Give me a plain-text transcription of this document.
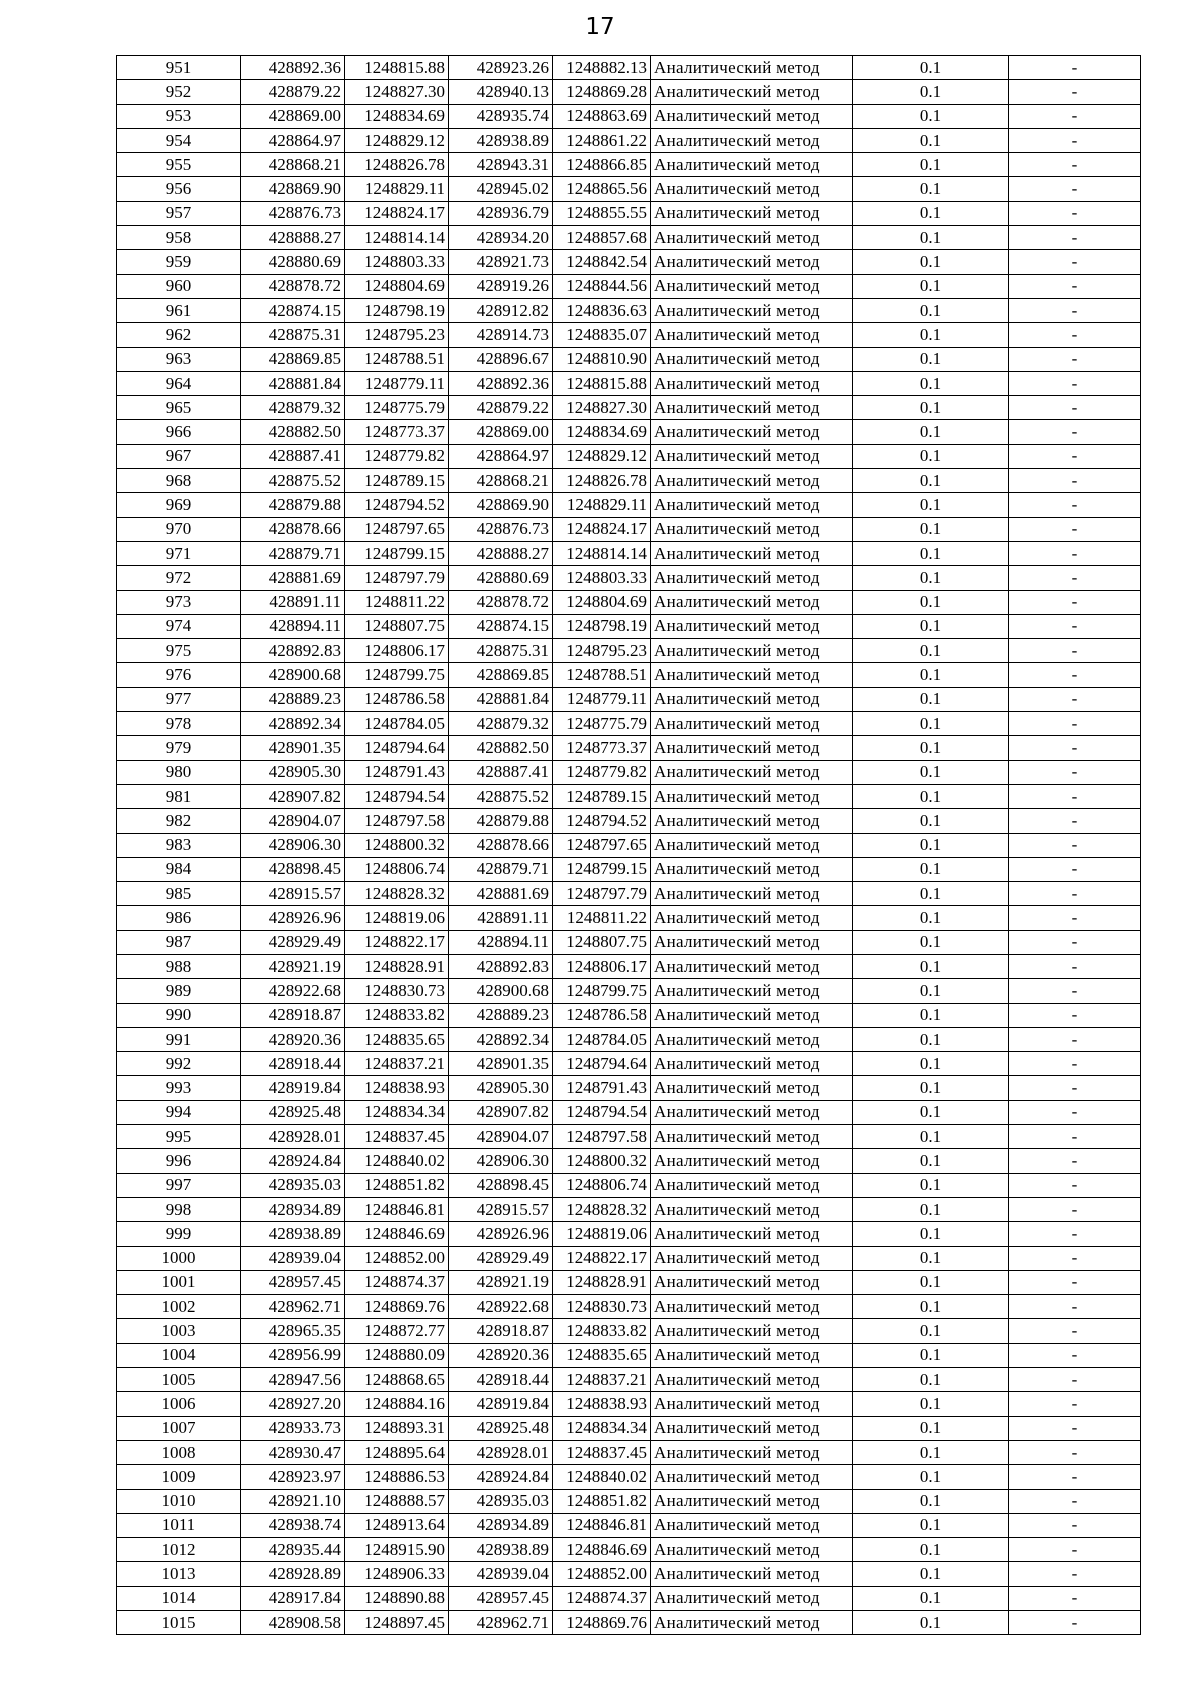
17
951	428892.36	1248815.88	428923.26	1248882.13	Аналитический метод	0.1	-
952	428879.22	1248827.30	428940.13	1248869.28	Аналитический метод	0.1	-
953	428869.00	1248834.69	428935.74	1248863.69	Аналитический метод	0.1	-
954	428864.97	1248829.12	428938.89	1248861.22	Аналитический метод	0.1	-
955	428868.21	1248826.78	428943.31	1248866.85	Аналитический метод	0.1	-
956	428869.90	1248829.11	428945.02	1248865.56	Аналитический метод	0.1	-
957	428876.73	1248824.17	428936.79	1248855.55	Аналитический метод	0.1	-
958	428888.27	1248814.14	428934.20	1248857.68	Аналитический метод	0.1	-
959	428880.69	1248803.33	428921.73	1248842.54	Аналитический метод	0.1	-
960	428878.72	1248804.69	428919.26	1248844.56	Аналитический метод	0.1	-
961	428874.15	1248798.19	428912.82	1248836.63	Аналитический метод	0.1	-
962	428875.31	1248795.23	428914.73	1248835.07	Аналитический метод	0.1	-
963	428869.85	1248788.51	428896.67	1248810.90	Аналитический метод	0.1	-
964	428881.84	1248779.11	428892.36	1248815.88	Аналитический метод	0.1	-
965	428879.32	1248775.79	428879.22	1248827.30	Аналитический метод	0.1	-
966	428882.50	1248773.37	428869.00	1248834.69	Аналитический метод	0.1	-
967	428887.41	1248779.82	428864.97	1248829.12	Аналитический метод	0.1	-
968	428875.52	1248789.15	428868.21	1248826.78	Аналитический метод	0.1	-
969	428879.88	1248794.52	428869.90	1248829.11	Аналитический метод	0.1	-
970	428878.66	1248797.65	428876.73	1248824.17	Аналитический метод	0.1	-
971	428879.71	1248799.15	428888.27	1248814.14	Аналитический метод	0.1	-
972	428881.69	1248797.79	428880.69	1248803.33	Аналитический метод	0.1	-
973	428891.11	1248811.22	428878.72	1248804.69	Аналитический метод	0.1	-
974	428894.11	1248807.75	428874.15	1248798.19	Аналитический метод	0.1	-
975	428892.83	1248806.17	428875.31	1248795.23	Аналитический метод	0.1	-
976	428900.68	1248799.75	428869.85	1248788.51	Аналитический метод	0.1	-
977	428889.23	1248786.58	428881.84	1248779.11	Аналитический метод	0.1	-
978	428892.34	1248784.05	428879.32	1248775.79	Аналитический метод	0.1	-
979	428901.35	1248794.64	428882.50	1248773.37	Аналитический метод	0.1	-
980	428905.30	1248791.43	428887.41	1248779.82	Аналитический метод	0.1	-
981	428907.82	1248794.54	428875.52	1248789.15	Аналитический метод	0.1	-
982	428904.07	1248797.58	428879.88	1248794.52	Аналитический метод	0.1	-
983	428906.30	1248800.32	428878.66	1248797.65	Аналитический метод	0.1	-
984	428898.45	1248806.74	428879.71	1248799.15	Аналитический метод	0.1	-
985	428915.57	1248828.32	428881.69	1248797.79	Аналитический метод	0.1	-
986	428926.96	1248819.06	428891.11	1248811.22	Аналитический метод	0.1	-
987	428929.49	1248822.17	428894.11	1248807.75	Аналитический метод	0.1	-
988	428921.19	1248828.91	428892.83	1248806.17	Аналитический метод	0.1	-
989	428922.68	1248830.73	428900.68	1248799.75	Аналитический метод	0.1	-
990	428918.87	1248833.82	428889.23	1248786.58	Аналитический метод	0.1	-
991	428920.36	1248835.65	428892.34	1248784.05	Аналитический метод	0.1	-
992	428918.44	1248837.21	428901.35	1248794.64	Аналитический метод	0.1	-
993	428919.84	1248838.93	428905.30	1248791.43	Аналитический метод	0.1	-
994	428925.48	1248834.34	428907.82	1248794.54	Аналитический метод	0.1	-
995	428928.01	1248837.45	428904.07	1248797.58	Аналитический метод	0.1	-
996	428924.84	1248840.02	428906.30	1248800.32	Аналитический метод	0.1	-
997	428935.03	1248851.82	428898.45	1248806.74	Аналитический метод	0.1	-
998	428934.89	1248846.81	428915.57	1248828.32	Аналитический метод	0.1	-
999	428938.89	1248846.69	428926.96	1248819.06	Аналитический метод	0.1	-
1000	428939.04	1248852.00	428929.49	1248822.17	Аналитический метод	0.1	-
1001	428957.45	1248874.37	428921.19	1248828.91	Аналитический метод	0.1	-
1002	428962.71	1248869.76	428922.68	1248830.73	Аналитический метод	0.1	-
1003	428965.35	1248872.77	428918.87	1248833.82	Аналитический метод	0.1	-
1004	428956.99	1248880.09	428920.36	1248835.65	Аналитический метод	0.1	-
1005	428947.56	1248868.65	428918.44	1248837.21	Аналитический метод	0.1	-
1006	428927.20	1248884.16	428919.84	1248838.93	Аналитический метод	0.1	-
1007	428933.73	1248893.31	428925.48	1248834.34	Аналитический метод	0.1	-
1008	428930.47	1248895.64	428928.01	1248837.45	Аналитический метод	0.1	-
1009	428923.97	1248886.53	428924.84	1248840.02	Аналитический метод	0.1	-
1010	428921.10	1248888.57	428935.03	1248851.82	Аналитический метод	0.1	-
1011	428938.74	1248913.64	428934.89	1248846.81	Аналитический метод	0.1	-
1012	428935.44	1248915.90	428938.89	1248846.69	Аналитический метод	0.1	-
1013	428928.89	1248906.33	428939.04	1248852.00	Аналитический метод	0.1	-
1014	428917.84	1248890.88	428957.45	1248874.37	Аналитический метод	0.1	-
1015	428908.58	1248897.45	428962.71	1248869.76	Аналитический метод	0.1	-
